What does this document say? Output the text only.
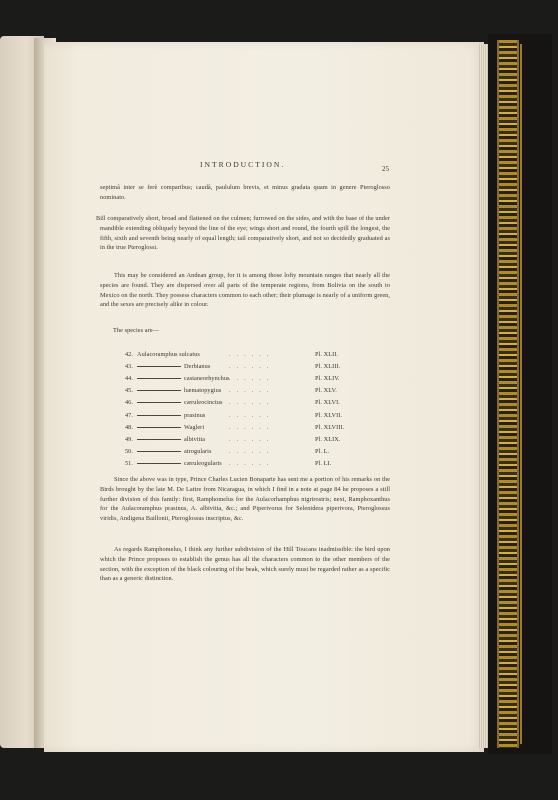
INTRODUCTION.	25
septimâ inter se ferè comparibus; caudâ, paululum brevis, et minus gradata quam in genere Pteroglosso nominato.
Bill comparatively short, broad and flattened on the culmen; furrowed on the sides, and with the base of the under mandible extending obliquely beyond the line of the eye; wings short and round, the fourth spill the longest, the fifth, sixth and seventh being nearly of equal length; tail comparatively short, and not so decidedly graduated as in the true Pteroglossi.
This may be considered an Andean group, for it is among those lofty mountain ranges that nearly all the species are found. They are dispersed over all parts of the temperate regions, from Bolivia on the south to Mexico on the north. They possess characters common to each other; their plumage is nearly of a uniform green, and the sexes are precisely alike in colour.
The species are—
42. Aulacoramphus sulcatus	......	Pl. XLII.
43.	Derbianus	......	Pl. XLIII.
44.	castaneorhynchus ......	Pl. XLIV.
45.	hæmatopygius ......	Pl. XLV.
46.	cæruleocinctus ......	Pl. XLVI.
47.	prasinus	......	Pl. XLVII.
48.	Wagleri	......	Pl. XLVIII.
49.	albivitta	......	Pl. XLIX.
50.	atrogularis	......	Pl. L.
51.	cæruleogularis ......	Pl. LI.
Since the above was in type, Prince Charles Lucien Bonaparte has sent me a portion of his remarks on the Birds brought by the late M. De Lattre from Nicaragua, in which I find in a note at page 84 he proposes a still further division of this family: first, Ramphomelus for the Aulacorhamphus nigrirostris; next, Ramphoxanthus for the Aulacoramphus prasinus, A. albivitta, &c.; and Piperivorus for Selenidera piperivora, Pteroglossus viridis, Andigena Baillonii, Pteroglossus inscriptus, &c.
As regards Ramphomelus, I think any further subdivision of the Hill Toucans inadmissible: the bird upon which the Prince proposes to establish the genus has all the characters common to the other members of the section, with the exception of the black colouring of the beak, which surely must be regarded rather as a specific than as a generic distinction.
